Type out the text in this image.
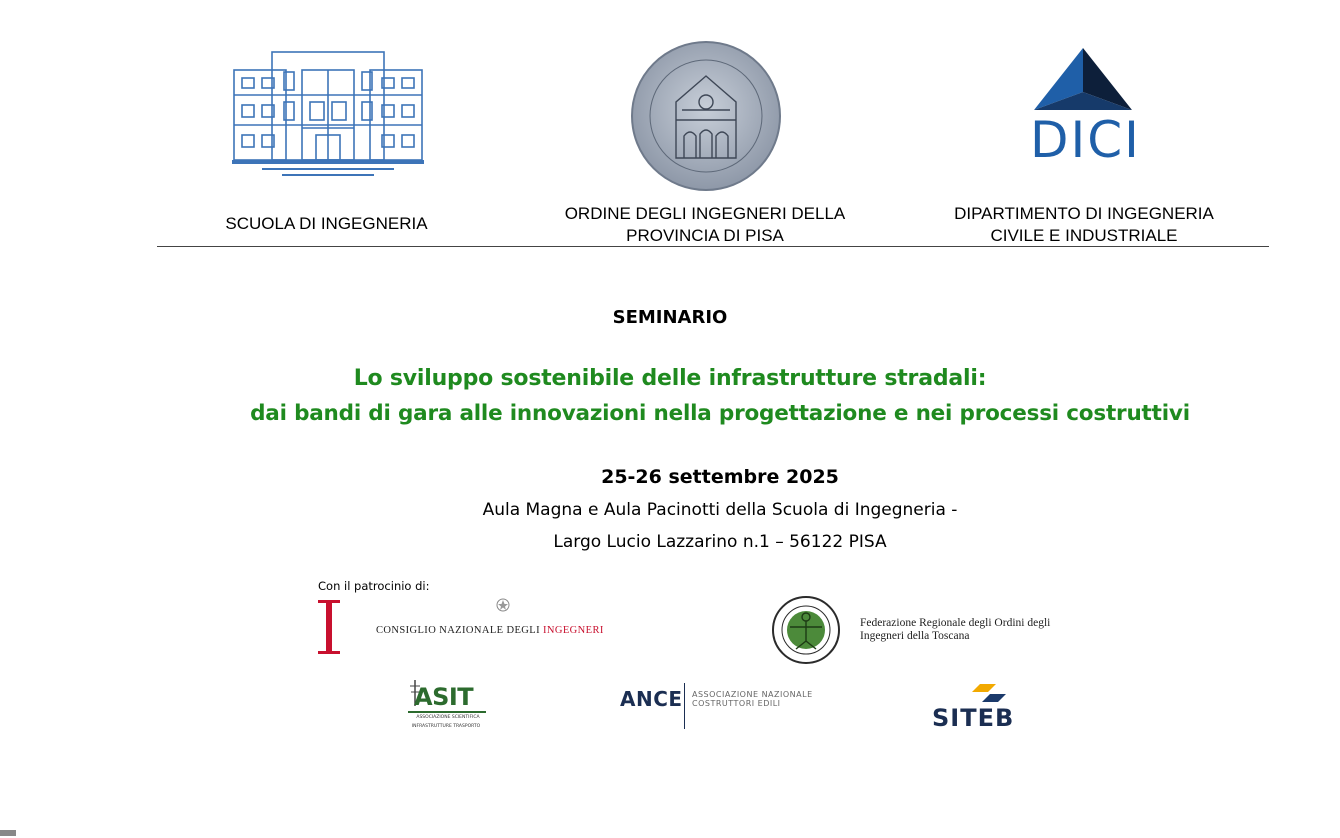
DICI
SCUOLA DI INGEGNERIA
ORDINE DEGLI INGEGNERI DELLA
PROVINCIA DI PISA
DIPARTIMENTO DI INGEGNERIA
CIVILE E INDUSTRIALE
SEMINARIO
Lo sviluppo sostenibile delle infrastrutture stradali:
dai bandi di gara alle innovazioni nella progettazione e nei processi costruttivi
25-26 settembre 2025
Aula Magna e Aula Pacinotti della Scuola di Ingegneria -
Largo Lucio Lazzarino n.1 – 56122 PISA
Con il patrocinio di:
CONSIGLIO NAZIONALE DEGLI INGEGNERI
Federazione Regionale degli Ordini degli
Ingegneri della Toscana
ASIT
ASSOCIAZIONE SCIENTIFICA
INFRASTRUTTURE TRASPORTO
ANCE ASSOCIAZIONE NAZIONALE
COSTRUTTORI EDILI
SITEB
